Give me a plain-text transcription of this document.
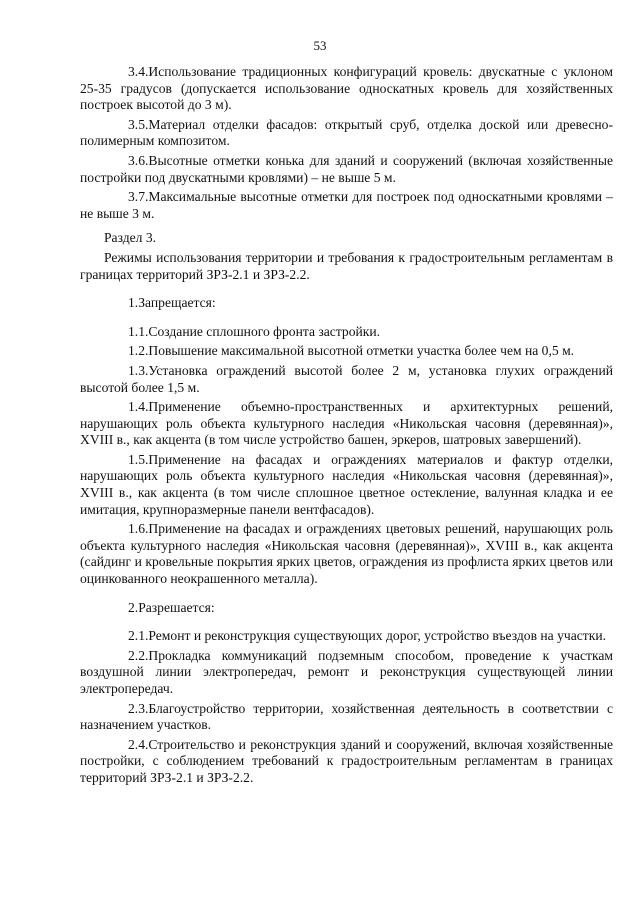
53

3.4.Использование традиционных конфигураций кровель: двускатные с уклоном 25-35 градусов (допускается использование односкатных кровель для хозяйственных построек высотой до 3 м).

3.5.Материал отделки фасадов: открытый сруб, отделка доской или древесно-полимерным композитом.

3.6.Высотные отметки конька для зданий и сооружений (включая хозяйственные постройки под двускатными кровлями) – не выше 5 м.

3.7.Максимальные высотные отметки для построек под односкатными кровлями – не выше 3 м.

Раздел 3.

Режимы использования территории и требования к градостроительным регламентам в границах территорий ЗРЗ-2.1 и ЗРЗ-2.2.

1.Запрещается:

1.1.Создание сплошного фронта застройки.

1.2.Повышение максимальной высотной отметки участка более чем на 0,5 м.

1.3.Установка ограждений высотой более 2 м, установка глухих ограждений высотой более 1,5 м.

1.4.Применение объемно-пространственных и архитектурных решений, нарушающих роль объекта культурного наследия «Никольская часовня (деревянная)», XVIII в., как акцента (в том числе устройство башен, эркеров, шатровых завершений).

1.5.Применение на фасадах и ограждениях материалов и фактур отделки, нарушающих роль объекта культурного наследия «Никольская часовня (деревянная)», XVIII в., как акцента (в том числе сплошное цветное остекление, валунная кладка и ее имитация, крупноразмерные панели вентфасадов).

1.6.Применение на фасадах и ограждениях цветовых решений, нарушающих роль объекта культурного наследия «Никольская часовня (деревянная)», XVIII в., как акцента (сайдинг и кровельные покрытия ярких цветов, ограждения из профлиста ярких цветов или оцинкованного неокрашенного металла).

2.Разрешается:

2.1.Ремонт и реконструкция существующих дорог, устройство въездов на участки.

2.2.Прокладка коммуникаций подземным способом, проведение к участкам воздушной линии электропередач, ремонт и реконструкция существующей линии электропередач.

2.3.Благоустройство территории, хозяйственная деятельность в соответствии с назначением участков.

2.4.Строительство и реконструкция зданий и сооружений, включая хозяйственные постройки, с соблюдением требований к градостроительным регламентам в границах территорий ЗРЗ-2.1 и ЗРЗ-2.2.
